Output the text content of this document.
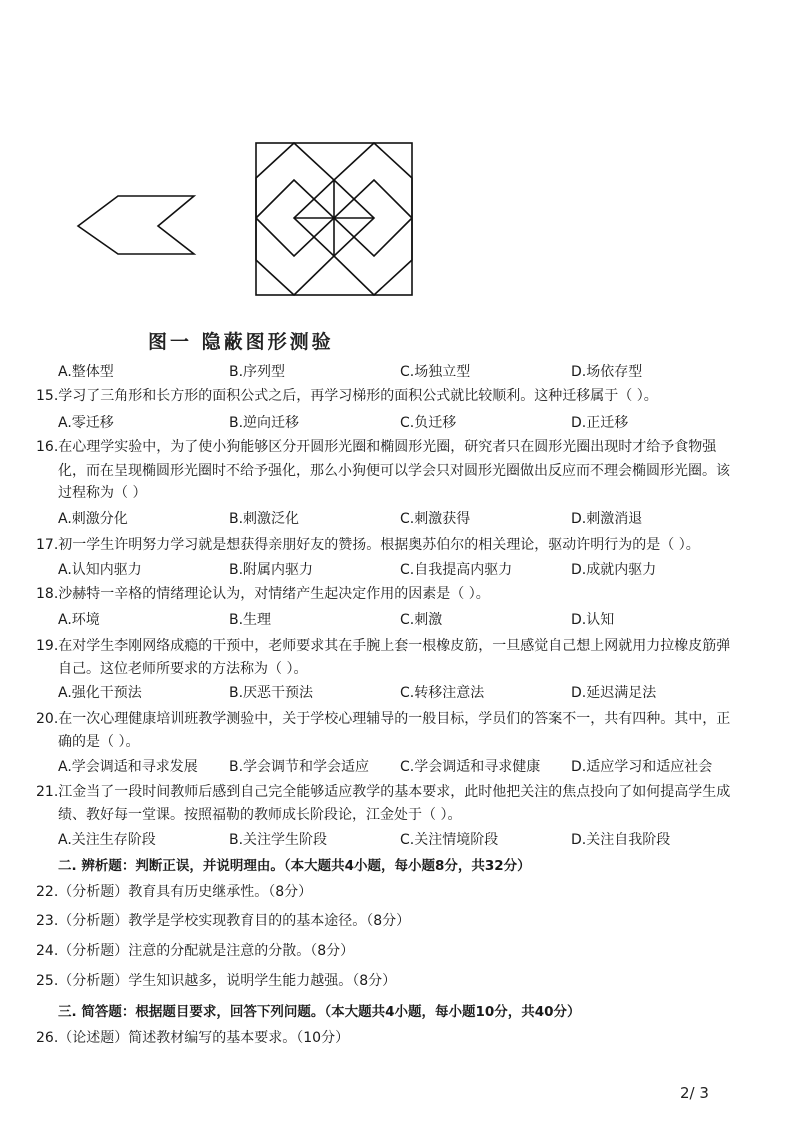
图一 隐蔽图形测验
A.整体型	B.序列型	C.场独立型	D.场依存型
15.学习了三角形和长方形的面积公式之后，再学习梯形的面积公式就比较顺利。这种迁移属于（ ）。
A.零迁移	B.逆向迁移	C.负迁移	D.正迁移
16.在心理学实验中，为了使小狗能够区分开圆形光圈和椭圆形光圈，研究者只在圆形光圈出现时才给予食物强
化，而在呈现椭圆形光圈时不给予强化，那么小狗便可以学会只对圆形光圈做出反应而不理会椭圆形光圈。该
过程称为（ ）
A.刺激分化	B.刺激泛化	C.刺激获得	D.刺激消退
17.初一学生许明努力学习就是想获得亲朋好友的赞扬。根据奥苏伯尔的相关理论，驱动许明行为的是（ ）。
A.认知内驱力	B.附属内驱力	C.自我提高内驱力	D.成就内驱力
18.沙赫特一辛格的情绪理论认为，对情绪产生起决定作用的因素是（ ）。
A.环境	B.生理	C.刺激	D.认知
19.在对学生李刚网络成瘾的干预中，老师要求其在手腕上套一根橡皮筋，一旦感觉自己想上网就用力拉橡皮筋弹
自己。这位老师所要求的方法称为（ ）。
A.强化干预法	B.厌恶干预法	C.转移注意法	D.延迟满足法
20.在一次心理健康培训班教学测验中，关于学校心理辅导的一般目标，学员们的答案不一，共有四种。其中，正
确的是（ ）。
A.学会调适和寻求发展 B.学会调节和学会适应 C.学会调适和寻求健康 D.适应学习和适应社会
21.江金当了一段时间教师后感到自己完全能够适应教学的基本要求，此时他把关注的焦点投向了如何提高学生成
绩、教好每一堂课。按照福勒的教师成长阶段论，江金处于（ ）。
A.关注生存阶段	B.关注学生阶段	C.关注情境阶段	D.关注自我阶段
二. 辨析题：判断正误，并说明理由。（本大题共4小题，每小题8分，共32分）
22.（分析题）教育具有历史继承性。（8分）
23.（分析题）教学是学校实现教育目的的基本途径。（8分）
24.（分析题）注意的分配就是注意的分散。（8分）
25.（分析题）学生知识越多，说明学生能力越强。（8分）
三. 简答题：根据题目要求，回答下列问题。（本大题共4小题，每小题10分，共40分）
26.（论述题）简述教材编写的基本要求。（10分）
2/ 3
